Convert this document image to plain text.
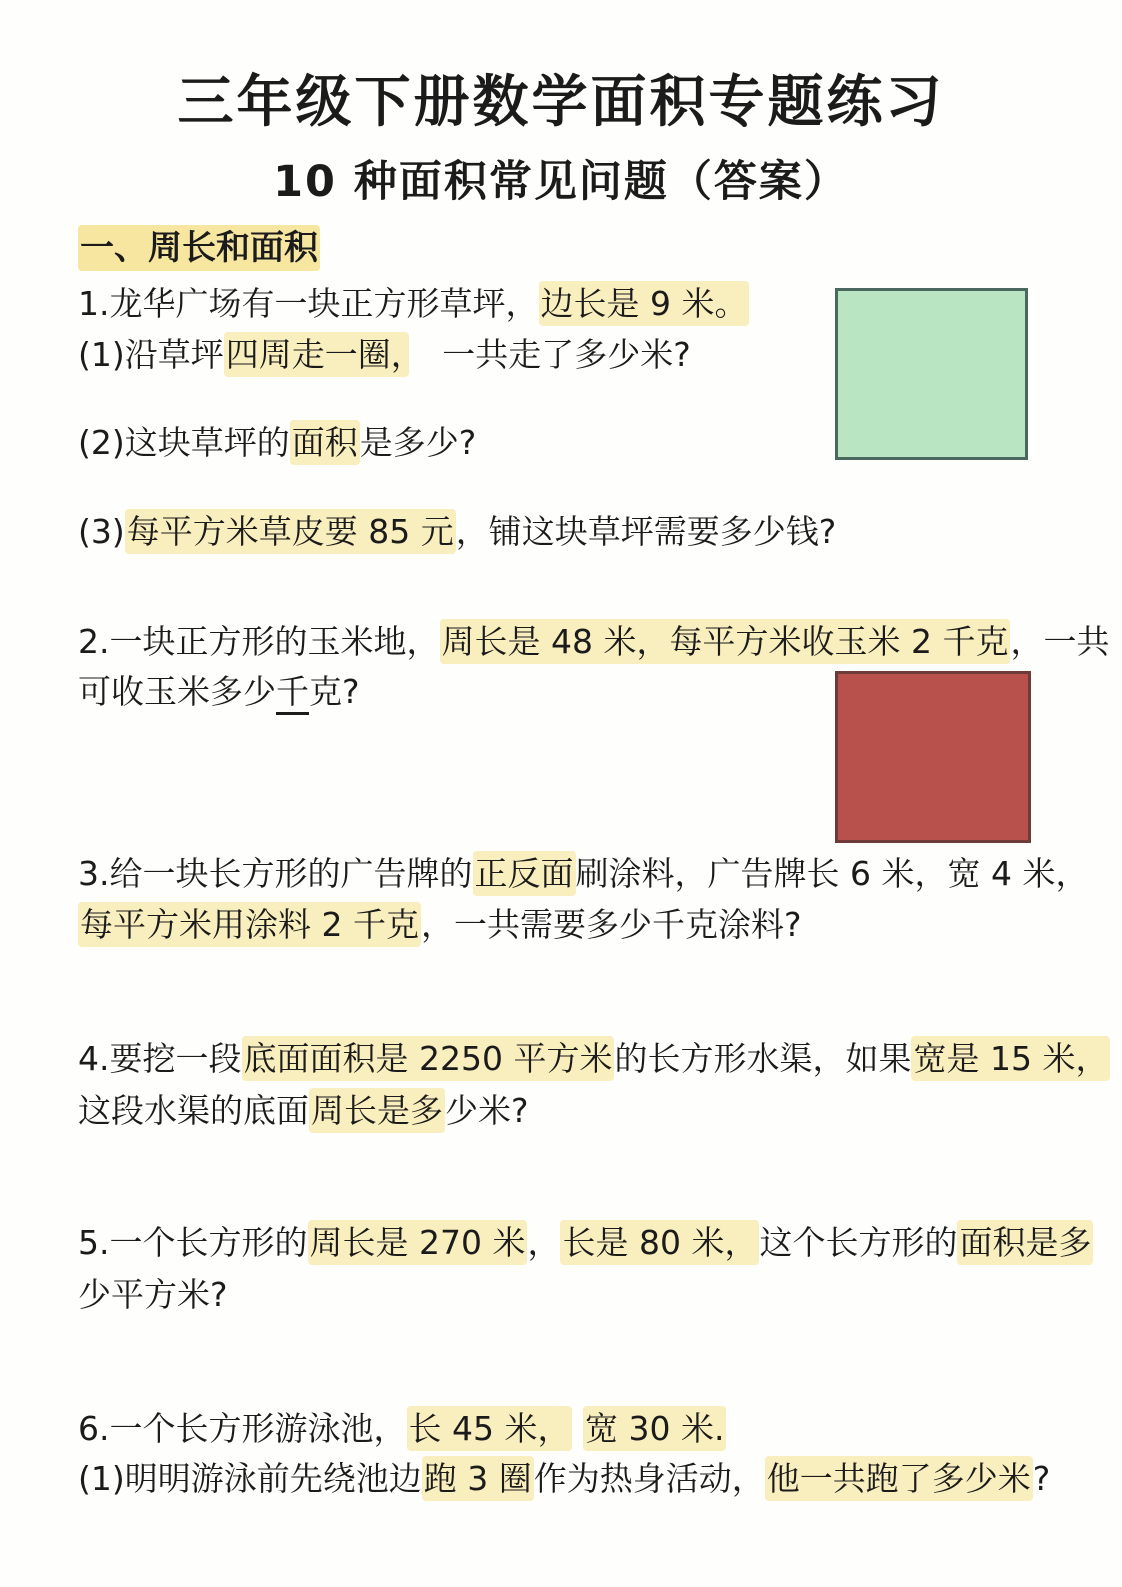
三年级下册数学面积专题练习
10 种面积常见问题（答案）
一、周长和面积
1.龙华广场有一块正方形草坪，边长是 9 米。
(1)沿草坪四周走一圈，　一共走了多少米?
(2)这块草坪的面积是多少?
(3)每平方米草皮要 85 元，铺这块草坪需要多少钱?
2.一块正方形的玉米地，周长是 48 米，每平方米收玉米 2 千克，一共
可收玉米多少千克?
3.给一块长方形的广告牌的正反面刷涂料，广告牌长 6 米，宽 4 米，
每平方米用涂料 2 千克，一共需要多少千克涂料?
4.要挖一段底面面积是 2250 平方米的长方形水渠，如果宽是 15 米，
这段水渠的底面周长是多少米?
5.一个长方形的周长是 270 米，长是 80 米，这个长方形的面积是多
少平方米?
6.一个长方形游泳池，长 45 米， 宽 30 米.
(1)明明游泳前先绕池边跑 3 圈作为热身活动，他一共跑了多少米?
